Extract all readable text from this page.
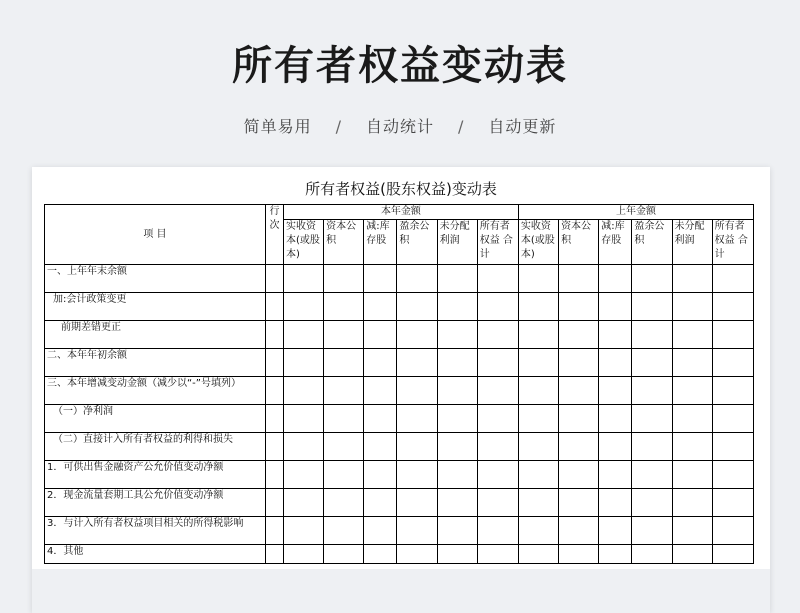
所有者权益变动表
简单易用 / 自动统计 / 自动更新
所有者权益(股东权益)变动表
项 目	行次	本年金额						上年金额					
		实收资本(或股本)	资本公积	减:库存股	盈余公积	未分配利润	所有者权益 合计	实收资本(或股本)	资本公积	减:库存股	盈余公积	未分配利润	所有者权益 合计
一、上年年末余额													
加:会计政策变更													
前期差错更正													
二、本年年初余额													
三、本年增减变动金额（减少以“-”号填列）													
（一）净利润													
（二）直接计入所有者权益的利得和损失													
1．可供出售金融资产公允价值变动净额													
2．现金流量套期工具公允价值变动净额													
3．与计入所有者权益项目相关的所得税影响													
4．其他													
